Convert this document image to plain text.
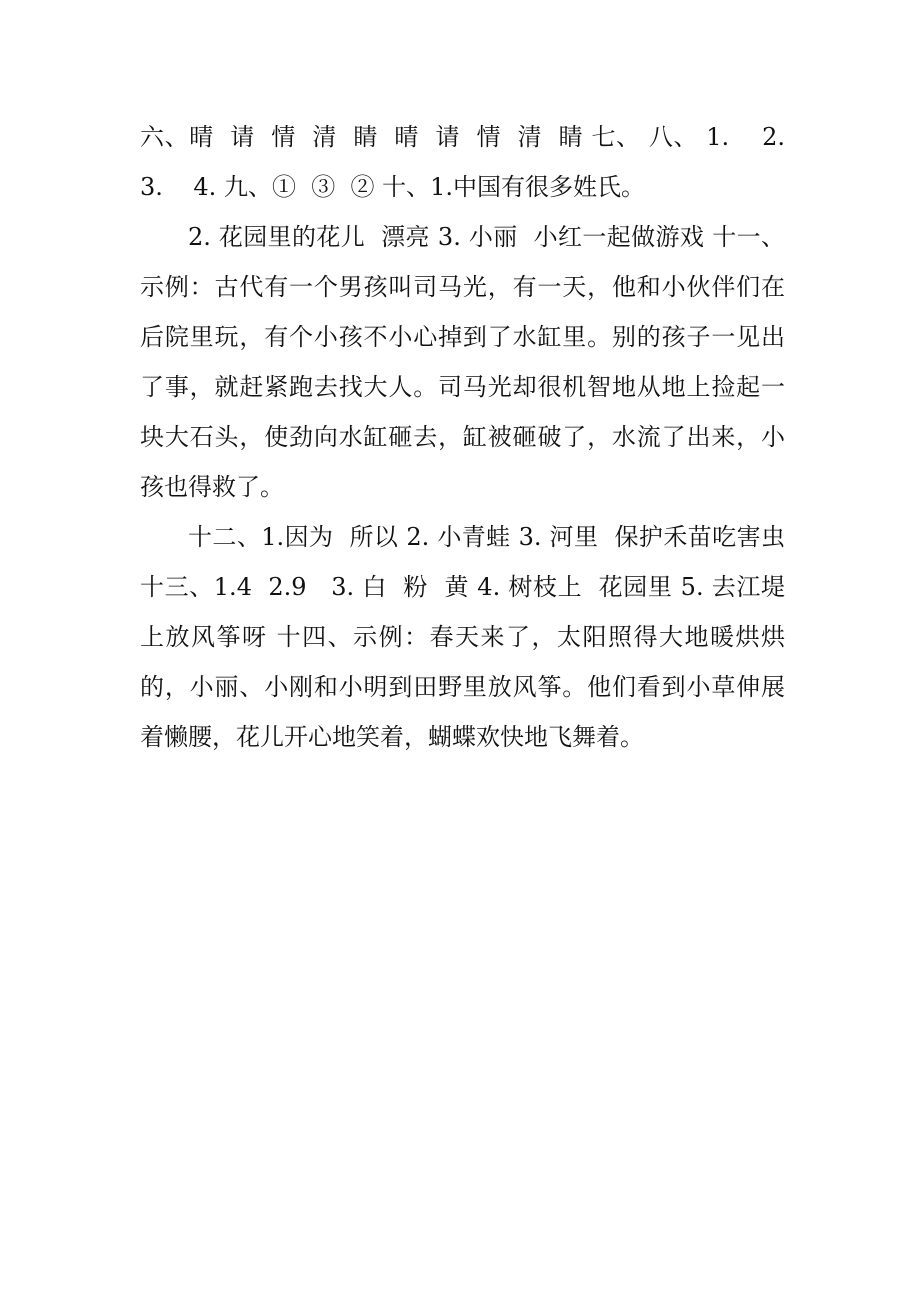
六、晴  请  情  清  睛  晴  请  情  清  睛 七、 八、 1.    2.    3.    4. 九、①  ③  ② 十、1.中国有很多姓氏。

2. 花园里的花儿  漂亮 3. 小丽  小红一起做游戏 十一、示例：古代有一个男孩叫司马光，有一天，他和小伙伴们在后院里玩，有个小孩不小心掉到了水缸里。别的孩子一见出了事，就赶紧跑去找大人。司马光却很机智地从地上捡起一块大石头，使劲向水缸砸去，缸被砸破了，水流了出来，小孩也得救了。

十二、1.因为  所以 2. 小青蛙 3. 河里  保护禾苗吃害虫 十三、1.4  2.9   3. 白  粉  黄 4. 树枝上  花园里 5. 去江堤上放风筝呀 十四、示例：春天来了，太阳照得大地暖烘烘的，小丽、小刚和小明到田野里放风筝。他们看到小草伸展着懒腰，花儿开心地笑着，蝴蝶欢快地飞舞着。
